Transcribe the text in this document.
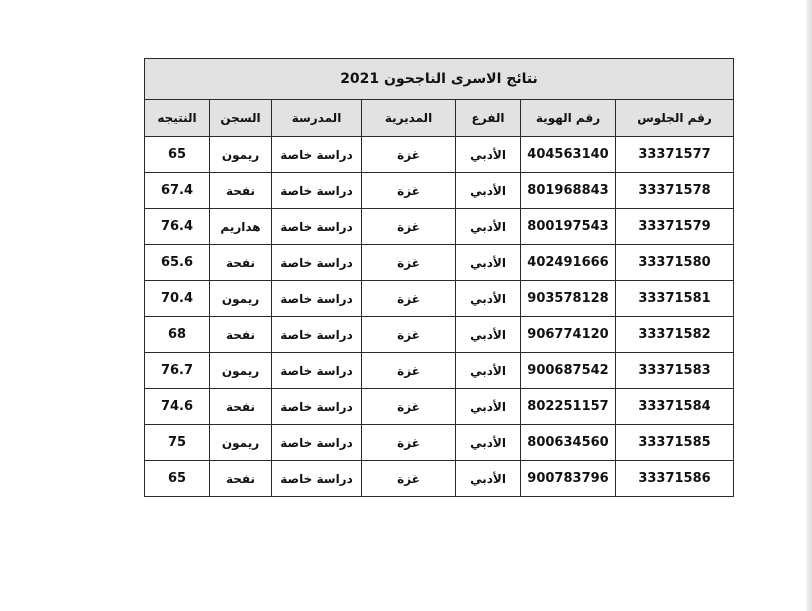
نتائج الاسرى الناجحون 2021						
رقم الجلوس	رقم الهوية	الفرع	المديرية	المدرسة	السجن	النتيجه
33371577	404563140	الأدبي	غزة	دراسة خاصة	ريمون	65
33371578	801968843	الأدبي	غزة	دراسة خاصة	نفحة	67.4
33371579	800197543	الأدبي	غزة	دراسة خاصة	هداريم	76.4
33371580	402491666	الأدبي	غزة	دراسة خاصة	نفحة	65.6
33371581	903578128	الأدبي	غزة	دراسة خاصة	ريمون	70.4
33371582	906774120	الأدبي	غزة	دراسة خاصة	نفحة	68
33371583	900687542	الأدبي	غزة	دراسة خاصة	ريمون	76.7
33371584	802251157	الأدبي	غزة	دراسة خاصة	نفحة	74.6
33371585	800634560	الأدبي	غزة	دراسة خاصة	ريمون	75
33371586	900783796	الأدبي	غزة	دراسة خاصة	نفحة	65
